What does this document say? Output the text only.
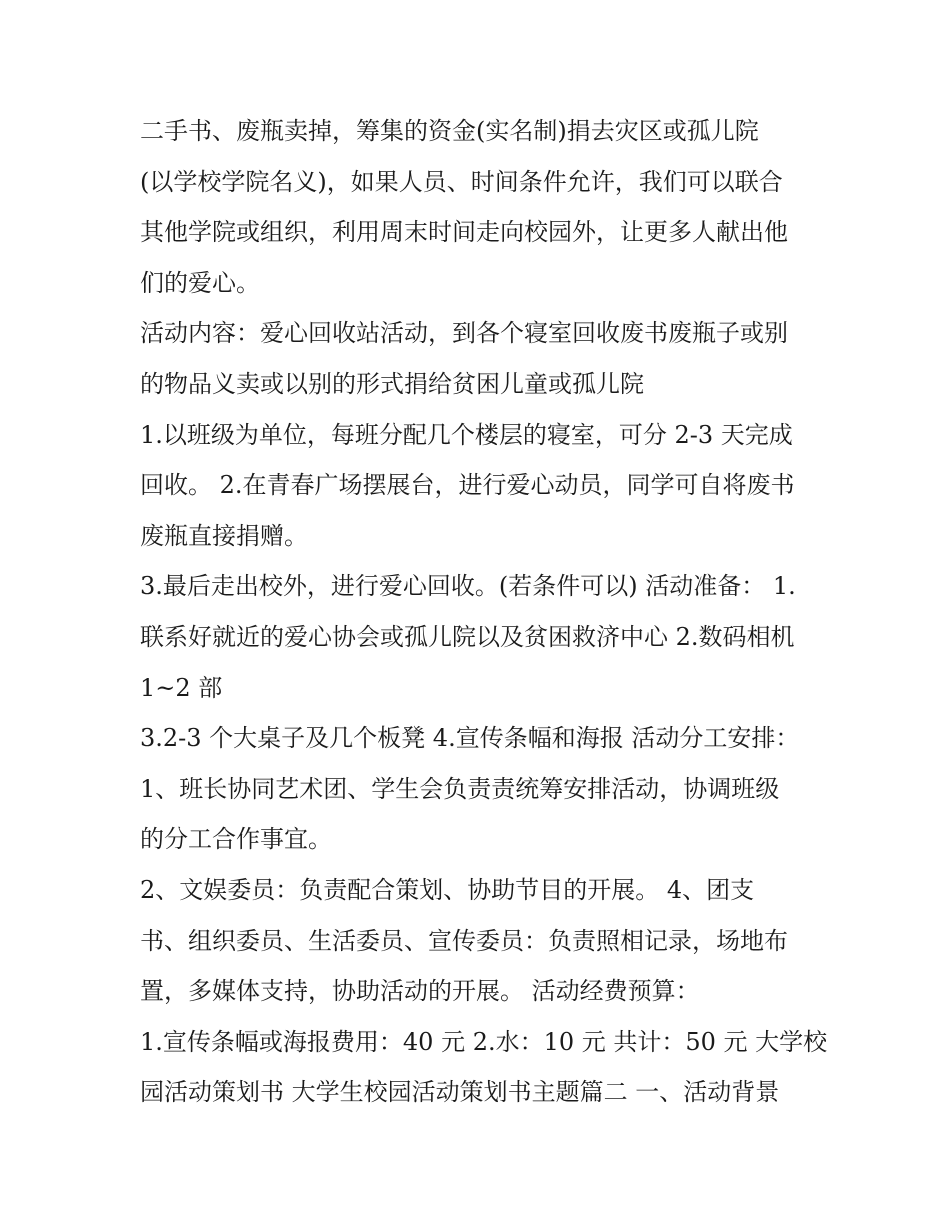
二手书、废瓶卖掉，筹集的资金(实名制)捐去灾区或孤儿院
(以学校学院名义)，如果人员、时间条件允许，我们可以联合
其他学院或组织，利用周末时间走向校园外，让更多人献出他
们的爱心。
活动内容：爱心回收站活动，到各个寝室回收废书废瓶子或别
的物品义卖或以别的形式捐给贫困儿童或孤儿院
1.以班级为单位，每班分配几个楼层的寝室，可分 2-3 天完成
回收。 2.在青春广场摆展台，进行爱心动员，同学可自将废书
废瓶直接捐赠。
3.最后走出校外，进行爱心回收。(若条件可以) 活动准备： 1.
联系好就近的爱心协会或孤儿院以及贫困救济中心 2.数码相机
1~2 部
3.2-3 个大桌子及几个板凳 4.宣传条幅和海报 活动分工安排：
1、班长协同艺术团、学生会负责责统筹安排活动，协调班级
的分工合作事宜。
2、文娱委员：负责配合策划、协助节目的开展。 4、团支
书、组织委员、生活委员、宣传委员：负责照相记录，场地布
置，多媒体支持，协助活动的开展。 活动经费预算：
1.宣传条幅或海报费用：40 元 2.水：10 元 共计：50 元 大学校
园活动策划书 大学生校园活动策划书主题篇二 一、活动背景
